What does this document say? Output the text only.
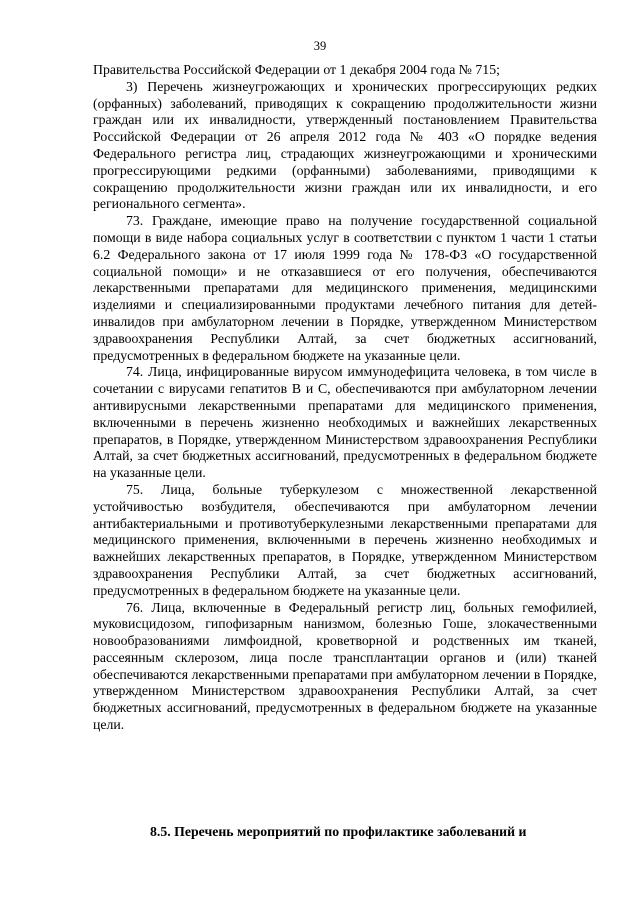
39

Правительства Российской Федерации от 1 декабря 2004 года № 715;

3) Перечень жизнеугрожающих и хронических прогрессирующих редких (орфанных) заболеваний, приводящих к сокращению продолжительности жизни граждан или их инвалидности, утвержденный постановлением Правительства Российской Федерации от 26 апреля 2012 года № 403 «О порядке ведения Федерального регистра лиц, страдающих жизнеугрожающими и хроническими прогрессирующими редкими (орфанными) заболеваниями, приводящими к сокращению продолжительности жизни граждан или их инвалидности, и его регионального сегмента».

73. Граждане, имеющие право на получение государственной социальной помощи в виде набора социальных услуг в соответствии с пунктом 1 части 1 статьи 6.2 Федерального закона от 17 июля 1999 года № 178-ФЗ «О государственной социальной помощи» и не отказавшиеся от его получения, обеспечиваются лекарственными препаратами для медицинского применения, медицинскими изделиями и специализированными продуктами лечебного питания для детей-инвалидов при амбулаторном лечении в Порядке, утвержденном Министерством здравоохранения Республики Алтай, за счет бюджетных ассигнований, предусмотренных в федеральном бюджете на указанные цели.

74. Лица, инфицированные вирусом иммунодефицита человека, в том числе в сочетании с вирусами гепатитов B и C, обеспечиваются при амбулаторном лечении антивирусными лекарственными препаратами для медицинского применения, включенными в перечень жизненно необходимых и важнейших лекарственных препаратов, в Порядке, утвержденном Министерством здравоохранения Республики Алтай, за счет бюджетных ассигнований, предусмотренных в федеральном бюджете на указанные цели.

75. Лица, больные туберкулезом с множественной лекарственной устойчивостью возбудителя, обеспечиваются при амбулаторном лечении антибактериальными и противотуберкулезными лекарственными препаратами для медицинского применения, включенными в перечень жизненно необходимых и важнейших лекарственных препаратов, в Порядке, утвержденном Министерством здравоохранения Республики Алтай, за счет бюджетных ассигнований, предусмотренных в федеральном бюджете на указанные цели.

76. Лица, включенные в Федеральный регистр лиц, больных гемофилией, муковисцидозом, гипофизарным нанизмом, болезнью Гоше, злокачественными новообразованиями лимфоидной, кроветворной и родственных им тканей, рассеянным склерозом, лица после трансплантации органов и (или) тканей обеспечиваются лекарственными препаратами при амбулаторном лечении в Порядке, утвержденном Министерством здравоохранения Республики Алтай, за счет бюджетных ассигнований, предусмотренных в федеральном бюджете на указанные цели.

8.5. Перечень мероприятий по профилактике заболеваний и
